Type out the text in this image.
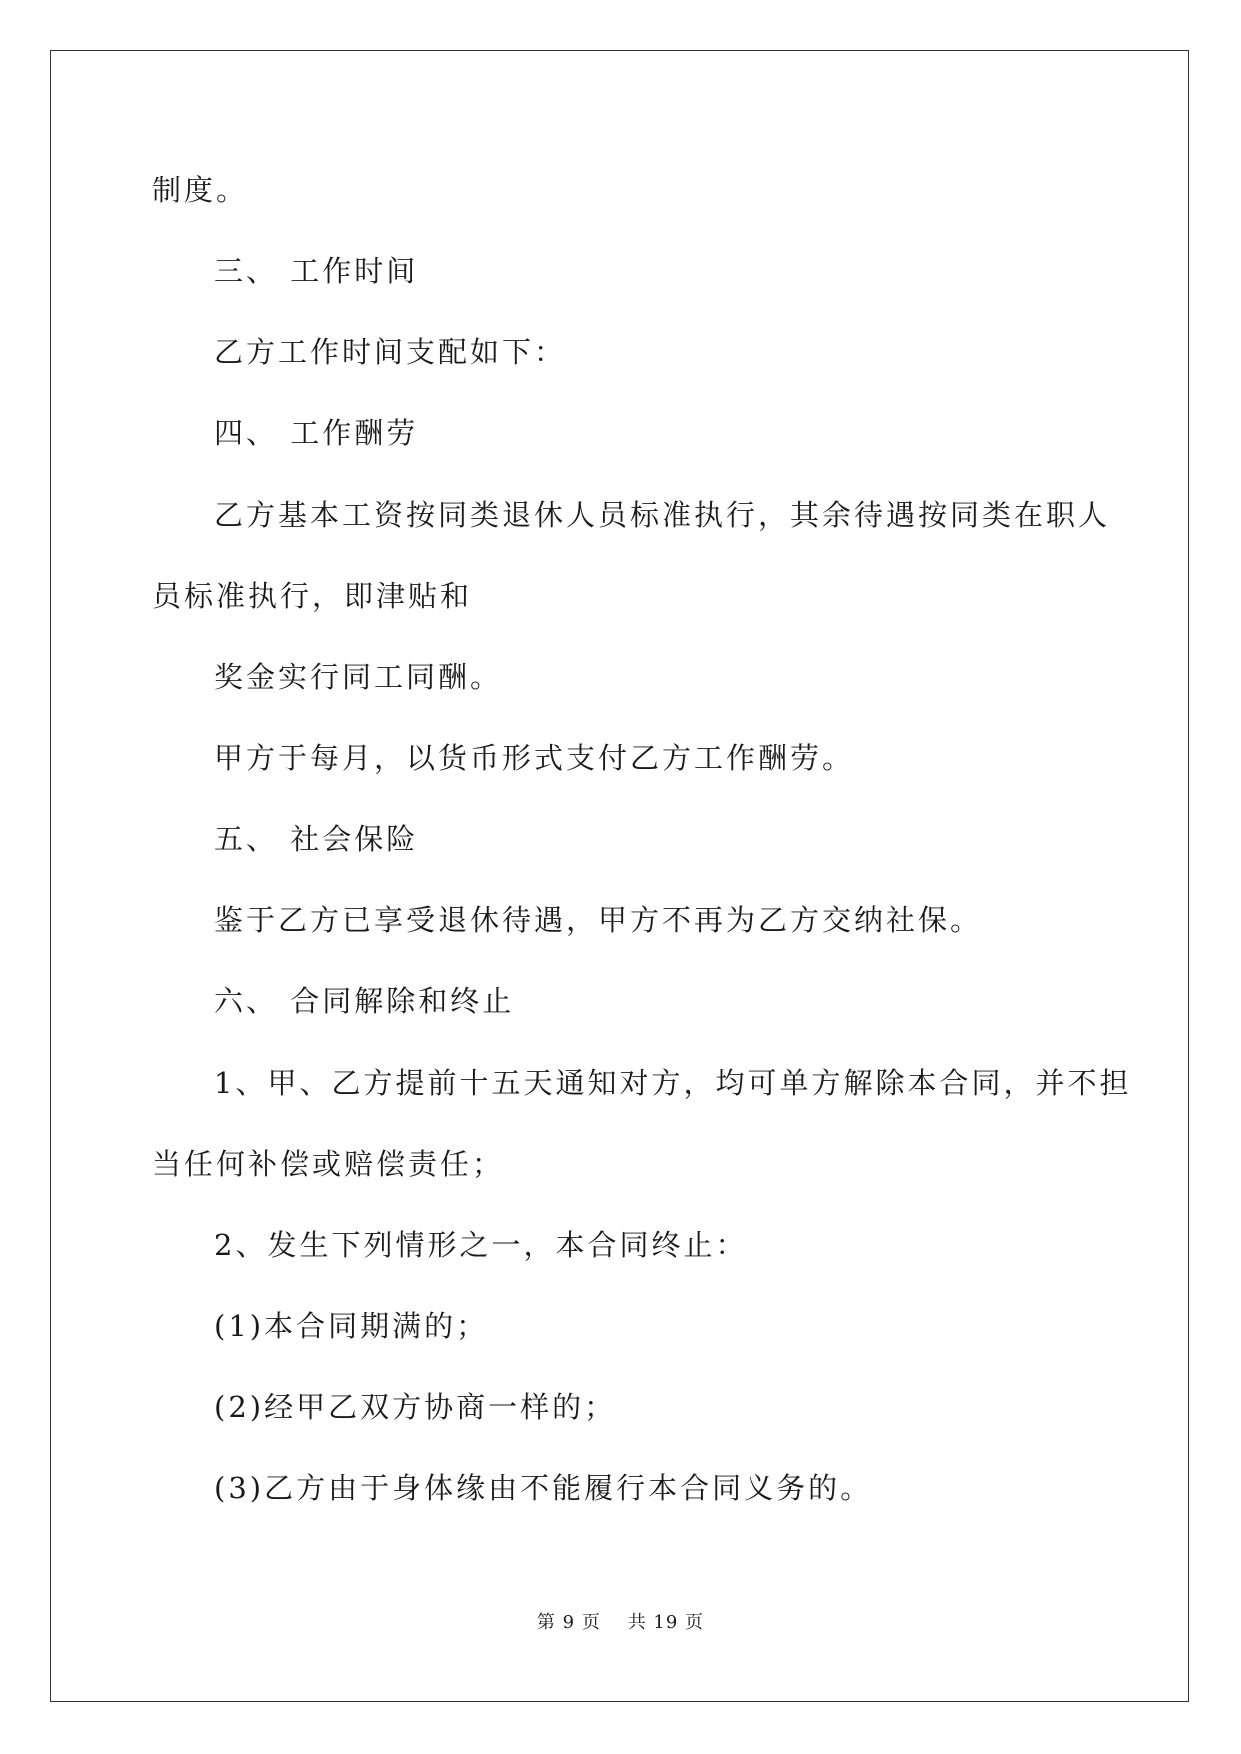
制度。
三、 工作时间
乙方工作时间支配如下：
四、 工作酬劳
乙方基本工资按同类退休人员标准执行，其余待遇按同类在职人
员标准执行，即津贴和
奖金实行同工同酬。
甲方于每月，以货币形式支付乙方工作酬劳。
五、 社会保险
鉴于乙方已享受退休待遇，甲方不再为乙方交纳社保。
六、 合同解除和终止
1、甲、乙方提前十五天通知对方，均可单方解除本合同，并不担
当任何补偿或赔偿责任；
2、发生下列情形之一，本合同终止：
(1)本合同期满的；
(2)经甲乙双方协商一样的；
(3)乙方由于身体缘由不能履行本合同义务的。
第 9 页    共 19 页
